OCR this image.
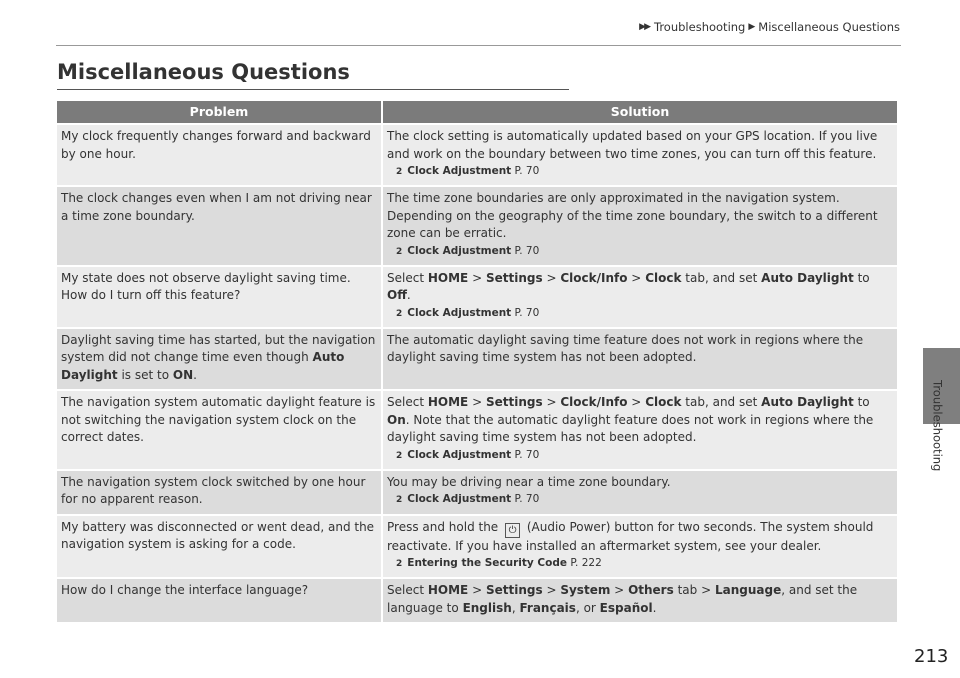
▶▶ Troubleshooting ▶ Miscellaneous Questions
Troubleshooting
Miscellaneous Questions
Problem	Solution
My clock frequently changes forward and backward by one hour.	The clock setting is automatically updated based on your GPS location. If you live and work on the boundary between two time zones, you can turn off this feature.
2 Clock Adjustment P. 70

The clock changes even when I am not driving near a time zone boundary.	The time zone boundaries are only approximated in the navigation system. Depending on the geography of the time zone boundary, the switch to a different zone can be erratic.
2 Clock Adjustment P. 70

My state does not observe daylight saving time. How do I turn off this feature?	Select HOME > Settings > Clock/Info > Clock tab, and set Auto Daylight to Off.
2 Clock Adjustment P. 70

Daylight saving time has started, but the navigation system did not change time even though Auto Daylight is set to ON.	The automatic daylight saving time feature does not work in regions where the daylight saving time system has not been adopted.
The navigation system automatic daylight feature is not switching the navigation system clock on the correct dates.	Select HOME > Settings > Clock/Info > Clock tab, and set Auto Daylight to On. Note that the automatic daylight feature does not work in regions where the daylight saving time system has not been adopted.
2 Clock Adjustment P. 70

The navigation system clock switched by one hour for no apparent reason.	You may be driving near a time zone boundary.
2 Clock Adjustment P. 70

My battery was disconnected or went dead, and the navigation system is asking for a code.	Press and hold the ⏻ (Audio Power) button for two seconds. The system should reactivate. If you have installed an aftermarket system, see your dealer.
2 Entering the Security Code P. 222

How do I change the interface language?	Select HOME > Settings > System > Others tab > Language, and set the language to English, Français, or Español.
213
